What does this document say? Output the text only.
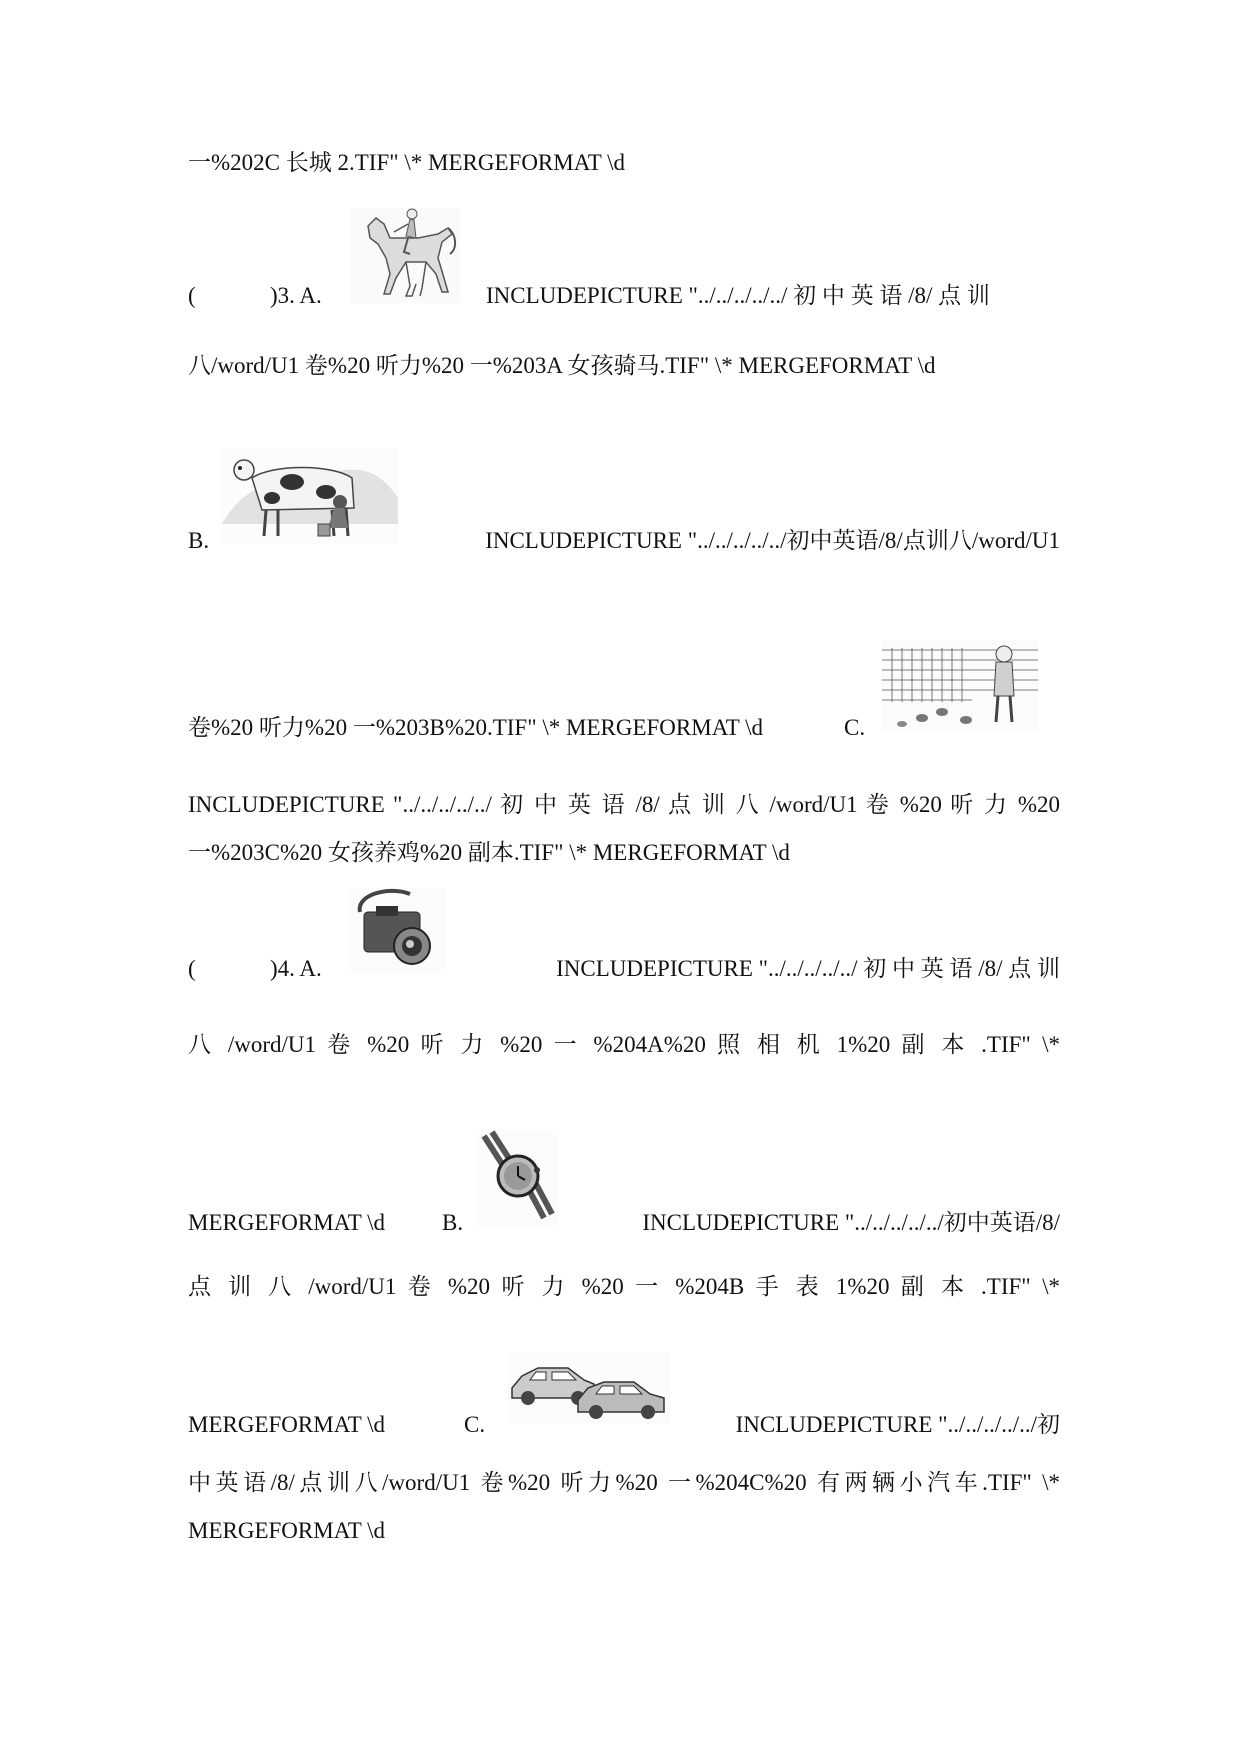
一%202C 长城 2.TIF" \* MERGEFORMAT \d
(	)3. A.	INCLUDEPICTURE "../../../../../ 初 中 英 语 /8/ 点 训
八/word/U1 卷%20 听力%20 一%203A 女孩骑马.TIF" \* MERGEFORMAT \d
B.	INCLUDEPICTURE "../../../../../初中英语/8/点训八/word/U1
卷%20 听力%20 一%203B%20.TIF" \* MERGEFORMAT \d	C.
INCLUDEPICTURE "../../../../../ 初 中 英 语 /8/ 点 训 八 /word/U1 卷 %20 听 力 %20
一%203C%20 女孩养鸡%20 副本.TIF" \* MERGEFORMAT \d
(	)4. A.	INCLUDEPICTURE "../../../../../ 初 中 英 语 /8/ 点 训
八 /word/U1 卷 %20 听 力 %20 一 %204A%20 照 相 机 1%20 副 本 .TIF" \*
MERGEFORMAT \d B.	INCLUDEPICTURE "../../../../../初中英语/8/
点 训 八 /word/U1 卷 %20 听 力 %20 一 %204B 手 表 1%20 副 本 .TIF" \*
MERGEFORMAT \d	C.	INCLUDEPICTURE "../../../../../初
中英语/8/点训八/word/U1 卷%20 听力%20 一%204C%20 有两辆小汽车.TIF" \*
MERGEFORMAT \d
